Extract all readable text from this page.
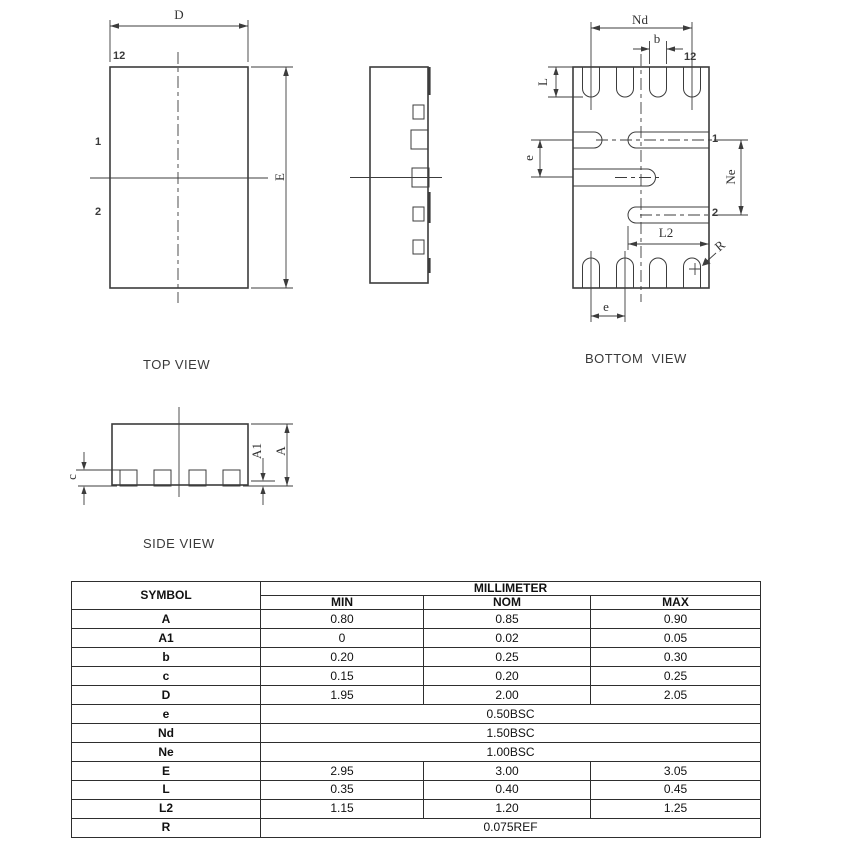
D
12
1
2
E
TOP VIEW
Nd
b
12
L
e
1
Ne
2
L2
R
e
BOTTOM  VIEW
c
A1 A
SIDE VIEW
SYMBOL	MILLIMETER		
	MIN	NOM	MAX
A	0.80	0.85	0.90
A1	0	0.02	0.05
b	0.20	0.25	0.30
c	0.15	0.20	0.25
D	1.95	2.00	2.05
e	0.50BSC		
Nd	1.50BSC		
Ne	1.00BSC		
E	2.95	3.00	3.05
L	0.35	0.40	0.45
L2	1.15	1.20	1.25
R	0.075REF		
